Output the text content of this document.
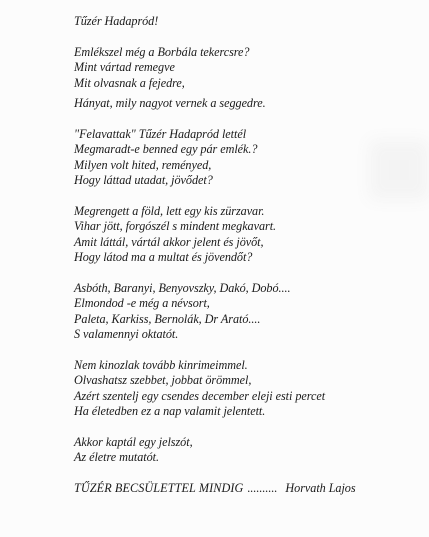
Tűzér Hadapród!
Emlékszel még a Borbála tekercsre?
Mint vártad remegve
Mit olvasnak a fejedre,
Hányat, mily nagyot vernek a seggedre.
"Felavattak" Tűzér Hadapród lettél
Megmaradt-e benned egy pár emlék.?
Milyen volt hited, reményed,
Hogy láttad utadat, jövődet?
Megrengett a föld, lett egy kis zürzavar.
Vihar jött, forgószél s mindent megkavart.
Amit láttál, vártál akkor jelent és jövőt,
Hogy látod ma a multat és jövendőt?
Asbóth, Baranyi, Benyovszky, Dakó, Dobó....
Elmondod -e még a névsort,
Paleta, Karkiss, Bernolák, Dr Arató....
S valamennyi oktatót.
Nem kinozlak tovább kinrimeimmel.
Olvashatsz szebbet, jobbat örömmel,
Azért szentelj egy csendes december eleji esti percet
Ha életedben ez a nap valamit jelentett.
Akkor kaptál egy jelszót,
Az életre mutatót.
TŰZÉR BECSÜLETTEL MINDIG .......... Horvath Lajos
